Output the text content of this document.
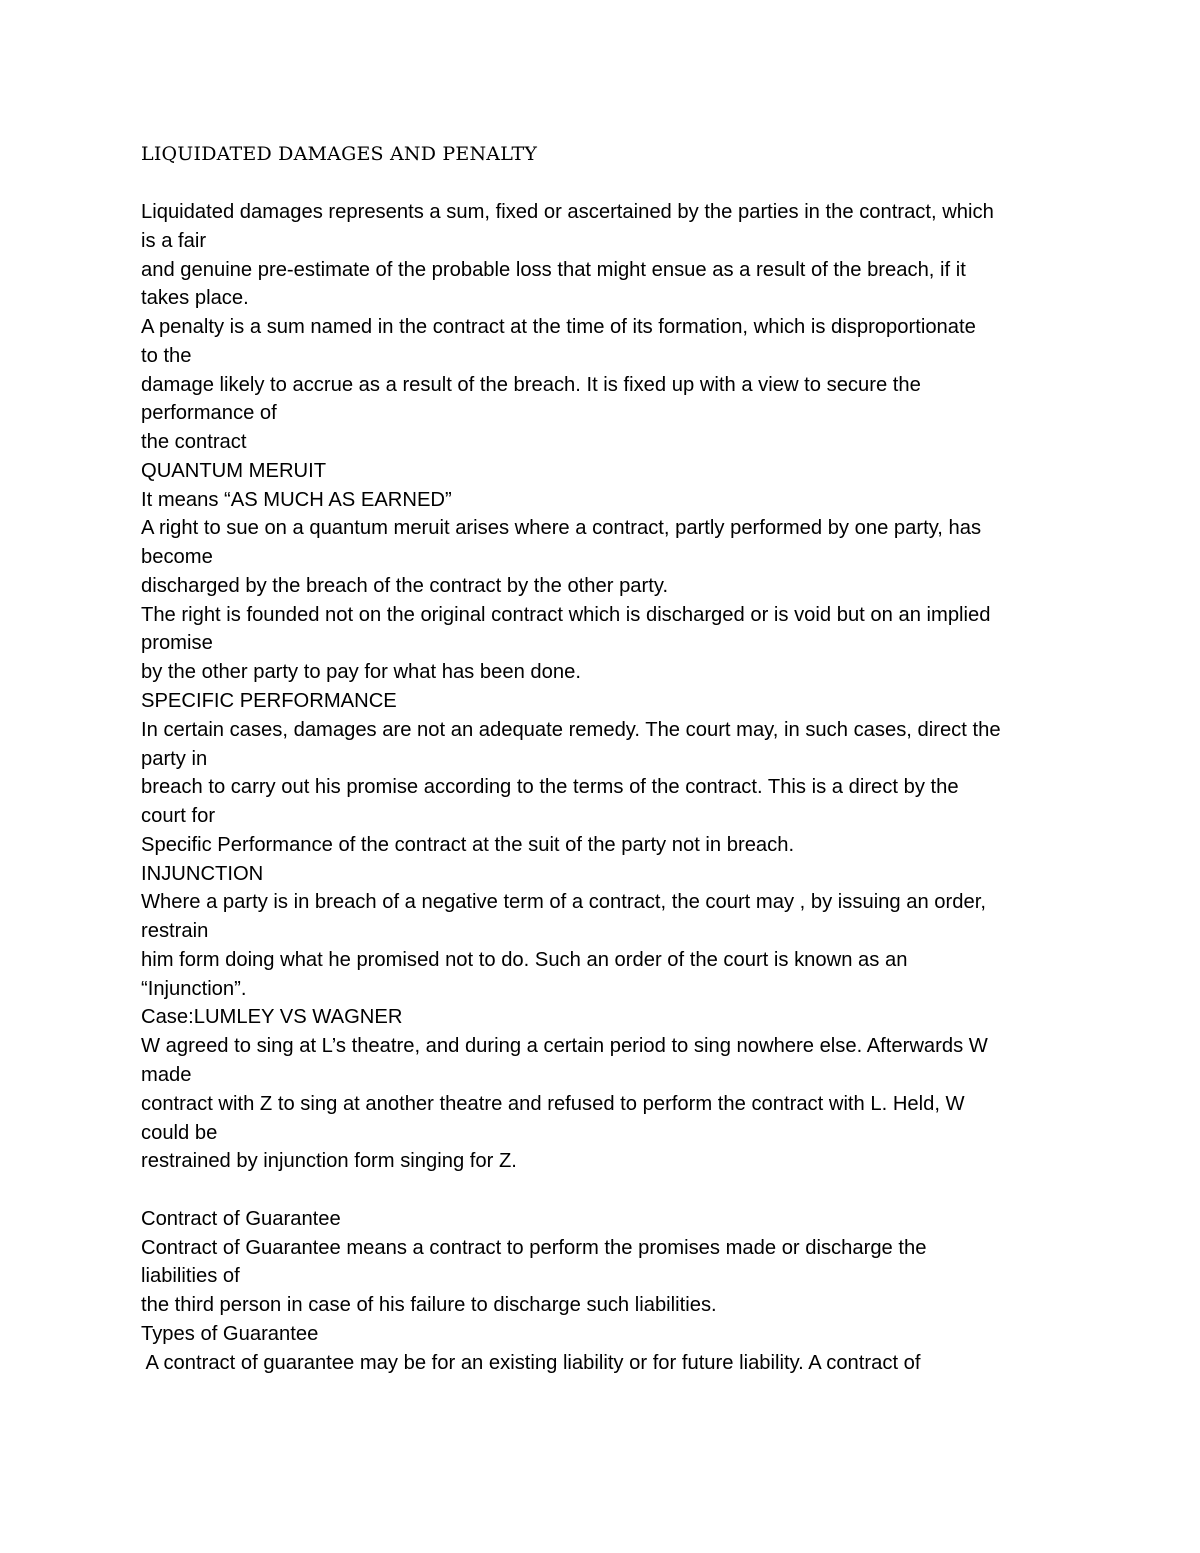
LIQUIDATED DAMAGES AND PENALTY
Liquidated damages represents a sum, fixed or ascertained by the parties in the contract, which
is a fair
and genuine pre-estimate of the probable loss that might ensue as a result of the breach, if it
takes place.
A penalty is a sum named in the contract at the time of its formation, which is disproportionate
to the
damage likely to accrue as a result of the breach. It is fixed up with a view to secure the
performance of
the contract
QUANTUM MERUIT
It means “AS MUCH AS EARNED”
A right to sue on a quantum meruit arises where a contract, partly performed by one party, has
become
discharged by the breach of the contract by the other party.
The right is founded not on the original contract which is discharged or is void but on an implied
promise
by the other party to pay for what has been done.
SPECIFIC PERFORMANCE
In certain cases, damages are not an adequate remedy. The court may, in such cases, direct the
party in
breach to carry out his promise according to the terms of the contract. This is a direct by the
court for
Specific Performance of the contract at the suit of the party not in breach.
INJUNCTION
Where a party is in breach of a negative term of a contract, the court may , by issuing an order,
restrain
him form doing what he promised not to do. Such an order of the court is known as an
“Injunction”.
Case:LUMLEY VS WAGNER
W agreed to sing at L’s theatre, and during a certain period to sing nowhere else. Afterwards W
made
contract with Z to sing at another theatre and refused to perform the contract with L. Held, W
could be
restrained by injunction form singing for Z.
Contract of Guarantee
Contract of Guarantee means a contract to perform the promises made or discharge the
liabilities of
the third person in case of his failure to discharge such liabilities.
Types of Guarantee
A contract of guarantee may be for an existing liability or for future liability. A contract of
